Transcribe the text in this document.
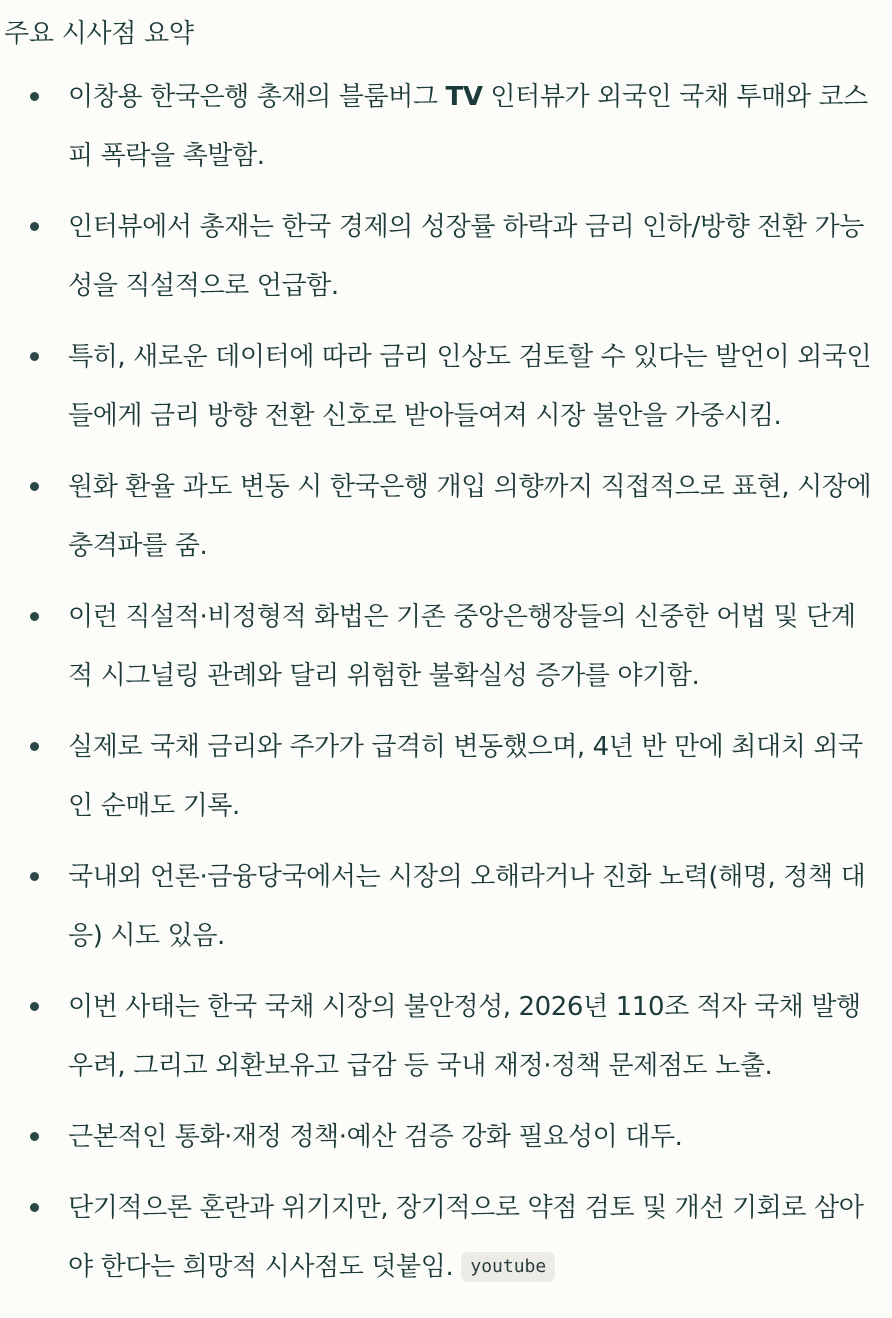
주요 시사점 요약
이창용 한국은행 총재의 블룸버그 TV 인터뷰가 외국인 국채 투매와 코스피 폭락을 촉발함.
인터뷰에서 총재는 한국 경제의 성장률 하락과 금리 인하/방향 전환 가능성을 직설적으로 언급함.
특히, 새로운 데이터에 따라 금리 인상도 검토할 수 있다는 발언이 외국인들에게 금리 방향 전환 신호로 받아들여져 시장 불안을 가중시킴.
원화 환율 과도 변동 시 한국은행 개입 의향까지 직접적으로 표현, 시장에 충격파를 줌.
이런 직설적·비정형적 화법은 기존 중앙은행장들의 신중한 어법 및 단계적 시그널링 관례와 달리 위험한 불확실성 증가를 야기함.
실제로 국채 금리와 주가가 급격히 변동했으며, 4년 반 만에 최대치 외국인 순매도 기록.
국내외 언론·금융당국에서는 시장의 오해라거나 진화 노력(해명, 정책 대응) 시도 있음.
이번 사태는 한국 국채 시장의 불안정성, 2026년 110조 적자 국채 발행 우려, 그리고 외환보유고 급감 등 국내 재정·정책 문제점도 노출.
근본적인 통화·재정 정책·예산 검증 강화 필요성이 대두.
단기적으론 혼란과 위기지만, 장기적으로 약점 검토 및 개선 기회로 삼아야 한다는 희망적 시사점도 덧붙임. youtube
